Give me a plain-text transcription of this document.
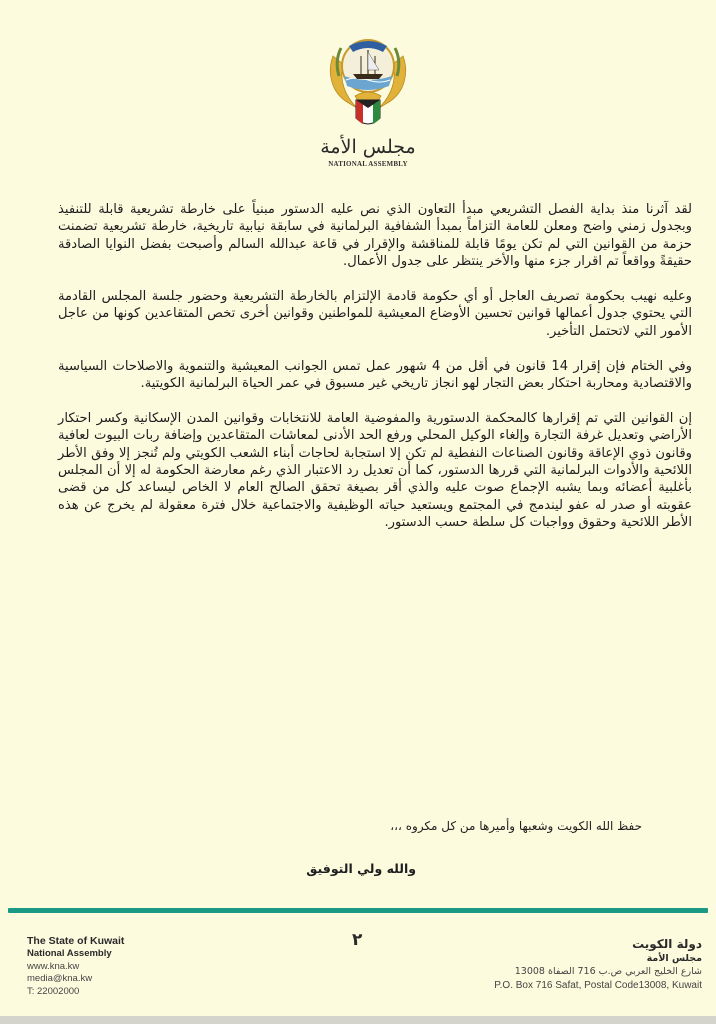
مجلس الأمة
NATIONAL ASSEMBLY

لقد آثرنا منذ بداية الفصل التشريعي مبدأ التعاون الذي نص عليه الدستور مبنياً على خارطة تشريعية قابلة للتنفيذ وبجدول زمني واضح ومعلن للعامة التزاماً بمبدأ الشفافية البرلمانية في سابقة نيابية تاريخية، خارطة تشريعية تضمنت حزمة من القوانين التي لم تكن يومًا قابلة للمناقشة والإقرار في قاعة عبدالله السالم وأصبحت بفضل النوايا الصادقة حقيقةً وواقعاً تم اقرار جزء منها والأخر ينتظر على جدول الأعمال.

وعليه نهيب بحكومة تصريف العاجل أو أي حكومة قادمة الإلتزام بالخارطة التشريعية وحضور جلسة المجلس القادمة التي يحتوي جدول أعمالها قوانين تحسين الأوضاع المعيشية للمواطنين وقوانين أخرى تخص المتقاعدين كونها من عاجل الأمور التي لاتحتمل التأخير.

وفي الختام فإن إقرار 14 قانون في أقل من 4 شهور عمل تمس الجوانب المعيشية والتنموية والاصلاحات السياسية والاقتصادية ومحاربة احتكار بعض التجار لهو انجاز تاريخي غير مسبوق في عمر الحياة البرلمانية الكويتية.

إن القوانين التي تم إقرارها كالمحكمة الدستورية والمفوضية العامة للانتخابات وقوانين المدن الإسكانية وكسر احتكار الأراضي وتعديل غرفة التجارة وإلغاء الوكيل المحلي ورفع الحد الأدنى لمعاشات المتقاعدين وإضافة ربات البيوت لعافية وقانون ذوي الإعاقة وقانون الصناعات النفطية لم تكن إلا استجابة لحاجات أبناء الشعب الكويتي ولم تُنجز إلا وفق الأطر اللائحية والأدوات البرلمانية التي قررها الدستور، كما أن تعديل رد الاعتبار الذي رغم معارضة الحكومة له إلا أن المجلس بأغلبية أعضائه وبما يشبه الإجماع صوت عليه والذي أقر بصيغة تحقق الصالح العام لا الخاص ليساعد كل من قضى عقوبته أو صدر له عفو ليندمج في المجتمع ويستعيد حياته الوظيفية والاجتماعية خلال فترة معقولة لم يخرج عن هذه الأطر اللائحية وحقوق وواجبات كل سلطة حسب الدستور.

حفظ الله الكويت وشعبها وأميرها من كل مكروه ،،،
والله ولي التوفيق
The State of Kuwait
National Assembly
www.kna.kw
media@kna.kw
T: 22002000
٢	دولة الكويت
مجلس الأمة
شارع الخليج العربي ص.ب 716 الصفاة 13008
P.O. Box 716 Safat, Postal Code13008, Kuwait
